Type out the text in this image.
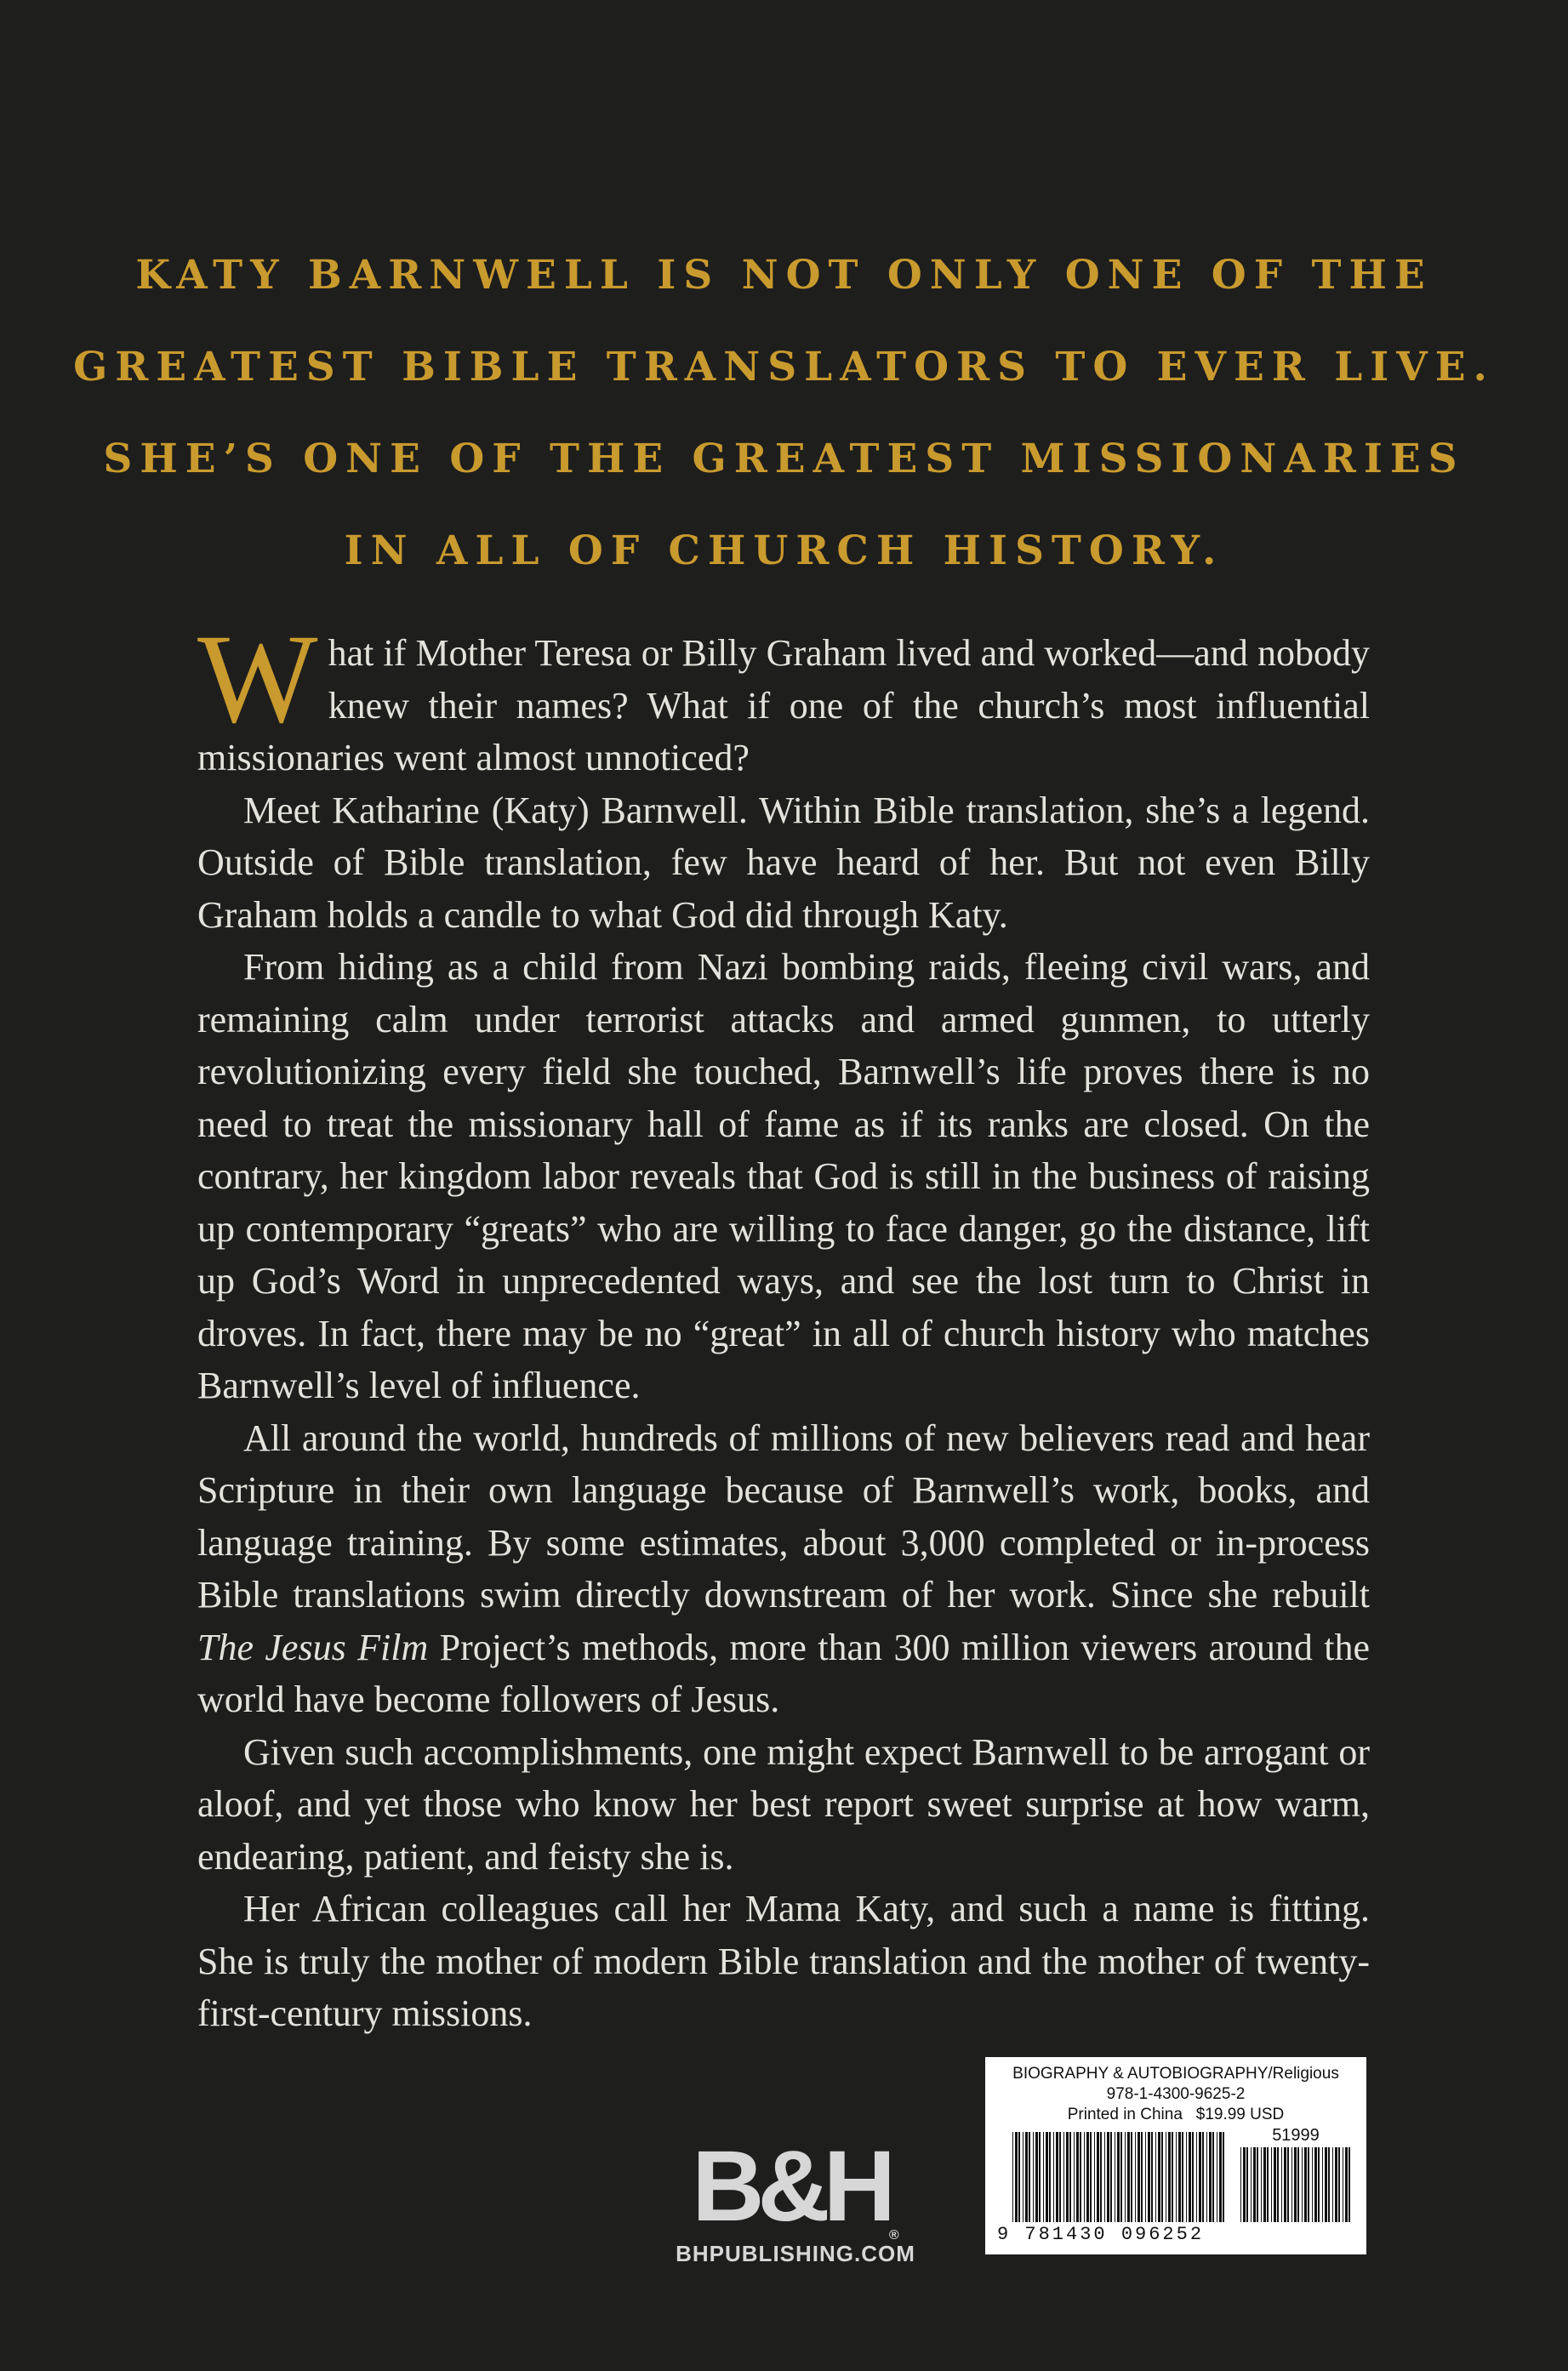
KATY BARNWELL IS NOT ONLY ONE OF THE
GREATEST BIBLE TRANSLATORS TO EVER LIVE.
SHE’S ONE OF THE GREATEST MISSIONARIES
IN ALL OF CHURCH HISTORY.

What if Mother Teresa or Billy Graham lived and worked—and nobody knew their names? What if one of the church’s most influential missionaries went almost unnoticed?

Meet Katharine (Katy) Barnwell. Within Bible translation, she’s a legend. Outside of Bible translation, few have heard of her. But not even Billy Graham holds a candle to what God did through Katy.

From hiding as a child from Nazi bombing raids, fleeing civil wars, and remaining calm under terrorist attacks and armed gunmen, to utterly revolutionizing every field she touched, Barnwell’s life proves there is no need to treat the missionary hall of fame as if its ranks are closed. On the contrary, her kingdom labor reveals that God is still in the business of raising up contemporary “greats” who are willing to face danger, go the distance, lift up God’s Word in unprecedented ways, and see the lost turn to Christ in droves. In fact, there may be no “great” in all of church history who matches Barnwell’s level of influence.

All around the world, hundreds of millions of new believers read and hear Scripture in their own language because of Barnwell’s work, books, and language training. By some estimates, about 3,000 completed or in-process Bible translations swim directly downstream of her work. Since she rebuilt The Jesus Film Project’s methods, more than 300 million viewers around the world have become followers of Jesus.

Given such accomplishments, one might expect Barnwell to be arrogant or aloof, and yet those who know her best report sweet surprise at how warm, endearing, patient, and feisty she is.

Her African colleagues call her Mama Katy, and such a name is fitting. She is truly the mother of modern Bible translation and the mother of twenty-first-century missions.

B&H®
BHPUBLISHING.COM
BIOGRAPHY & AUTOBIOGRAPHY/Religious
978-1-4300-9625-2
Printed in China $19.99 USD
51999
9 781430 096252
